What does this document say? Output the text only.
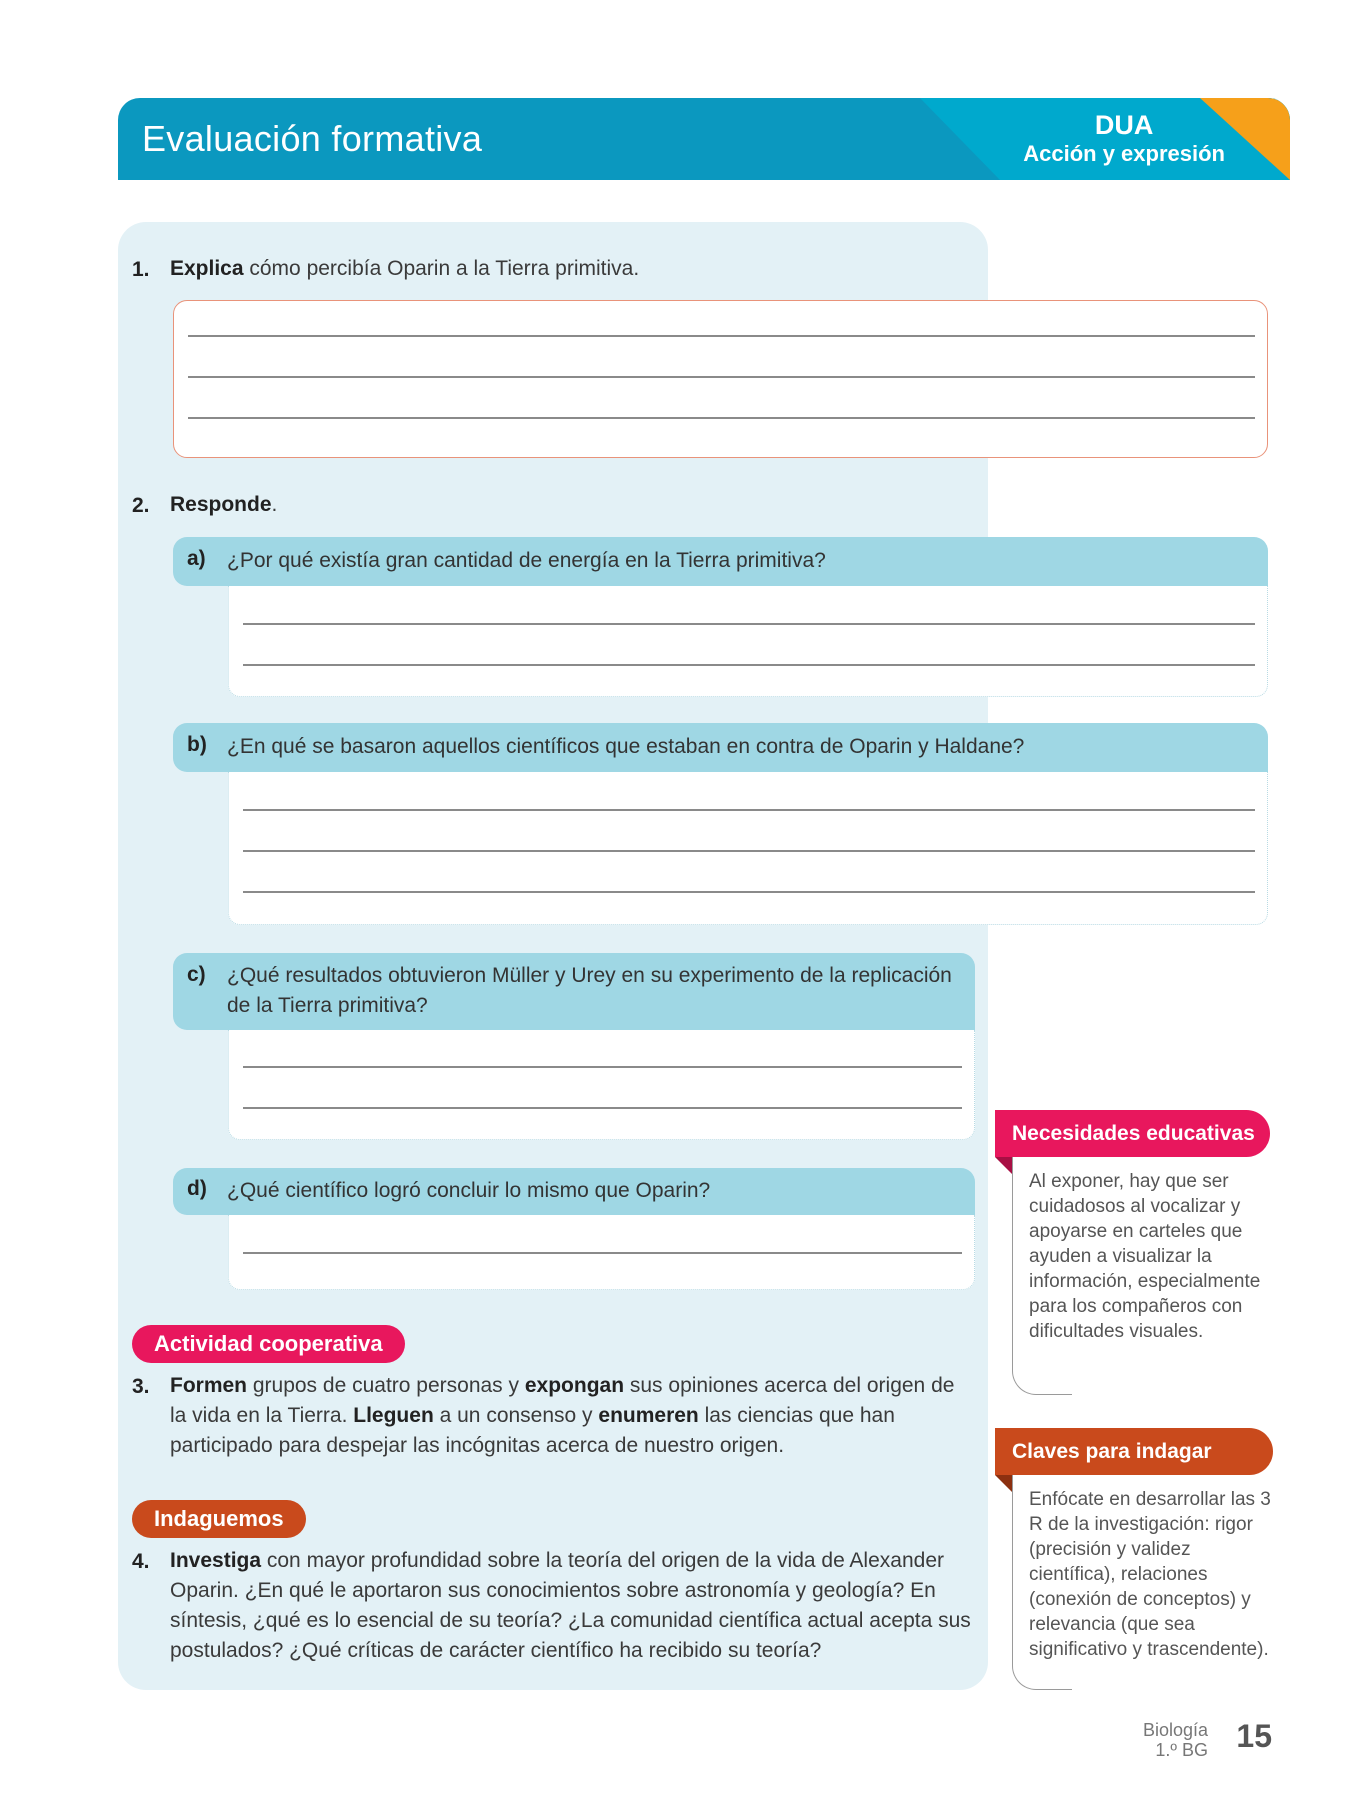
Evaluación formativa	DUA
Acción y expresión
1. Explica cómo percibía Oparin a la Tierra primitiva.
2. Responde.
a) ¿Por qué existía gran cantidad de energía en la Tierra primitiva?
b) ¿En qué se basaron aquellos científicos que estaban en contra de Oparin y Haldane?
c) ¿Qué resultados obtuvieron Müller y Urey en su experimento de la replicación de la Tierra primitiva?
d) ¿Qué científico logró concluir lo mismo que Oparin?
Actividad cooperativa
3. Formen grupos de cuatro personas y expongan sus opiniones acerca del origen de la vida en la Tierra. Lleguen a un consenso y enumeren las ciencias que han participado para despejar las incógnitas acerca de nuestro origen.
Indaguemos
4. Investiga con mayor profundidad sobre la teoría del origen de la vida de Alexander Oparin. ¿En qué le aportaron sus conocimientos sobre astronomía y geología? En síntesis, ¿qué es lo esencial de su teoría? ¿La comunidad científica actual acepta sus postulados? ¿Qué críticas de carácter científico ha recibido su teoría?
Necesidades educativas
Al exponer, hay que ser cuidadosos al vocalizar y apoyarse en carteles que ayuden a visualizar la información, especialmente para los compañeros con dificultades visuales.
Claves para indagar
Enfócate en desarrollar las 3 R de la investigación: rigor (precisión y validez científica), relaciones (conexión de conceptos) y relevancia (que sea significativo y trascendente).
Biología
1.º BG 15
